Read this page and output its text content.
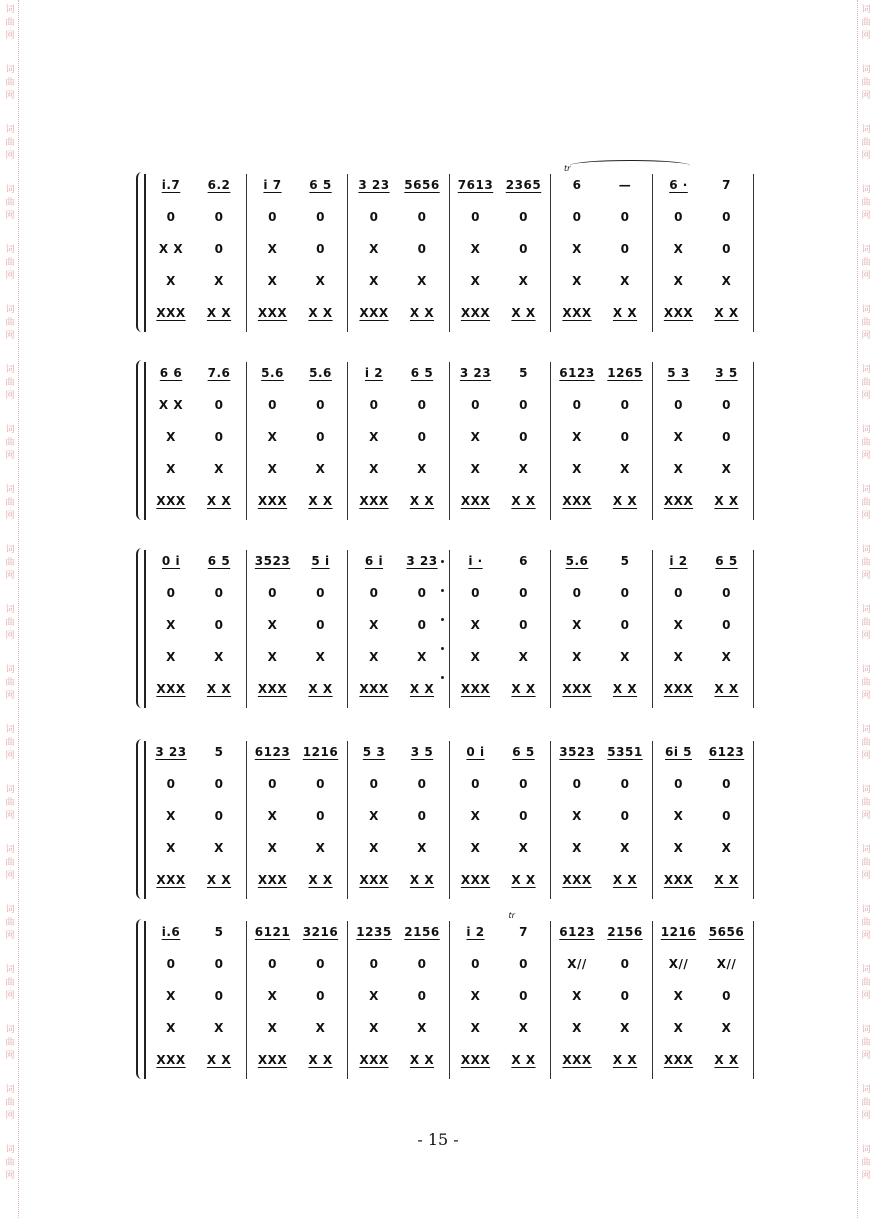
词
曲
网
词
曲
网
词
曲
网
词
曲
网
词
曲
网
词
曲
网
词
曲
网
词
曲
网
词
曲
网
词
曲
网
词
曲
网
词
曲
网
词
曲
网
词
曲
网
词
曲
网
词
曲
网
词
曲
网
词
曲
网
词
曲
网
词
曲
网
词
曲
网
词
曲
网
词
曲
网
词
曲
网
词
曲
网
词
曲
网
词
曲
网
词
曲
网
词
曲
网
词
曲
网
词
曲
网
词
曲
网
词
曲
网
词
曲
网
词
曲
网
词
曲
网
词
曲
网
词
曲
网
词
曲
网
词
曲
网
i.7	6.2
0	0
X X	0
X	X
XXX	X X
i 7	6 5
0	0
X	0
X	X
XXX	X X
3 23	5656
0	0
X	0
X	X
XXX	X X
7613	2365
0	0
X	0
X	X
XXX	X X
6	—
0	0
X	0
X	X
XXX	X X
tr
6 ·	7
0	0
X	0
X	X
XXX	X X
6 6	7.6
X X	0
X	0
X	X
XXX	X X
5.6	5.6
0	0
X	0
X	X
XXX	X X
i 2	6 5
0	0
X	0
X	X
XXX	X X
3 23	5
0	0
X	0
X	X
XXX	X X
6123	1265
0	0
X	0
X	X
XXX	X X
5 3	3 5
0	0
X	0
X	X
XXX	X X
0 i	6 5
0	0
X	0
X	X
XXX	X X
3523	5 i
0	0
X	0
X	X
XXX	X X
6 i	3 23
0	0
X	0
X	X
XXX	X X
i ·	6
0	0
X	0
X	X
XXX	X X
5.6	5
0	0
X	0
X	X
XXX	X X
i 2	6 5
0	0
X	0
X	X
XXX	X X
3 23	5
0	0
X	0
X	X
XXX	X X
6123	1216
0	0
X	0
X	X
XXX	X X
5 3	3 5
0	0
X	0
X	X
XXX	X X
0 i	6 5
0	0
X	0
X	X
XXX	X X
3523	5351
0	0
X	0
X	X
XXX	X X
6i 5	6123
0	0
X	0
X	X
XXX	X X
i.6	5
0	0
X	0
X	X
XXX	X X
6121	3216
0	0
X	0
X	X
XXX	X X
1235	2156
0	0
X	0
X	X
XXX	X X
i 2	7
0	0
X	0
X	X
XXX	X X
tr
6123	2156
X//	0
X	0
X	X
XXX	X X
1216	5656
X//	X//
X	0
X	X
XXX	X X
- 15 -
